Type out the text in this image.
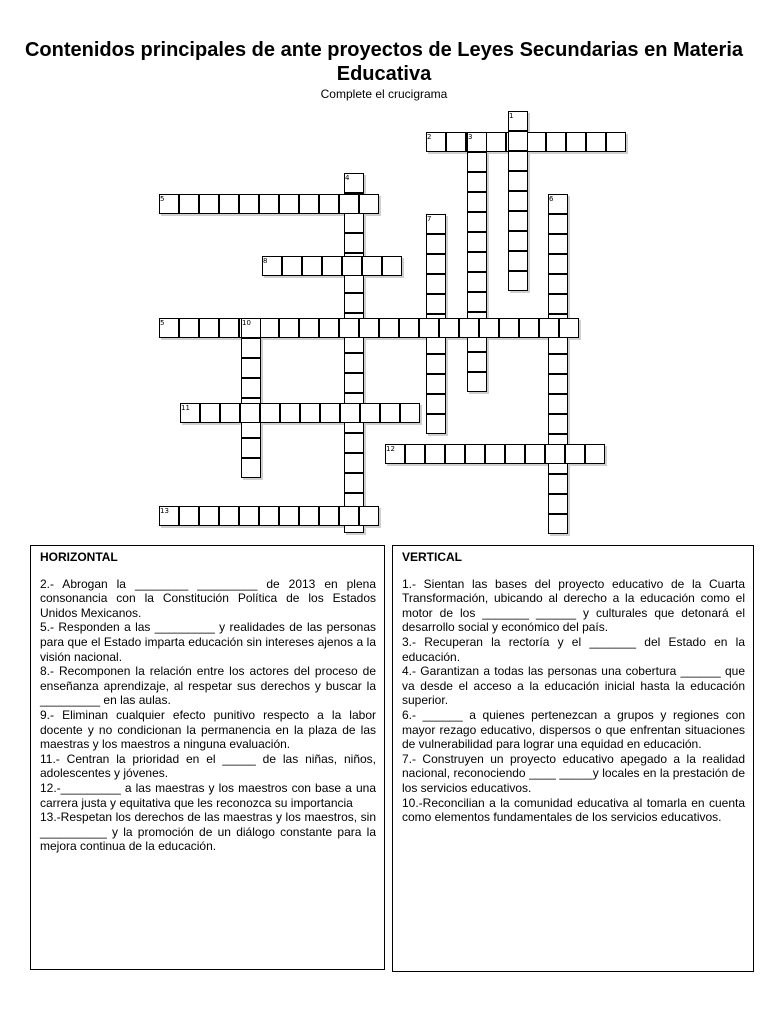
Contenidos principales de ante proyectos de Leyes Secundarias en Materia Educativa
Complete el crucigrama
1
2	3
4
5	6
7
8
5	10
11
12
13
HORIZONTAL

2.- Abrogan la ________ _________ de 2013 en plena consonancia con la Constitución Política de los Estados Unidos Mexicanos.

5.- Responden a las _________ y realidades de las personas para que el Estado imparta educación sin intereses ajenos a la visión nacional.

8.- Recomponen la relación entre los actores del proceso de enseñanza aprendizaje, al respetar sus derechos y buscar la _________ en las aulas.

9.- Eliminan cualquier efecto punitivo respecto a la labor docente y no condicionan la permanencia en la plaza de las maestras y los maestros a ninguna evaluación.

11.- Centran la prioridad en el _____ de las niñas, niños, adolescentes y jóvenes.

12.-_________ a las maestras y los maestros con base a una carrera justa y equitativa que les reconozca su importancia

13.-Respetan los derechos de las maestras y los maestros, sin __________ y la promoción de un diálogo constante para la mejora continua de la educación.

VERTICAL

1.- Sientan las bases del proyecto educativo de la Cuarta Transformación, ubicando al derecho a la educación como el motor de los _______ ______ y culturales que detonará el desarrollo social y económico del país.

3.- Recuperan la rectoría y el _______ del Estado en la educación.

4.- Garantizan a todas las personas una cobertura ______ que va desde el acceso a la educación inicial hasta la educación superior.

6.- ______ a quienes pertenezcan a grupos y regiones con mayor rezago educativo, dispersos o que enfrentan situaciones de vulnerabilidad para lograr una equidad en educación.

7.- Construyen un proyecto educativo apegado a la realidad nacional, reconociendo ____ _____y locales en la prestación de los servicios educativos.

10.-Reconcilian a la comunidad educativa al tomarla en cuenta como elementos fundamentales de los servicios educativos.
